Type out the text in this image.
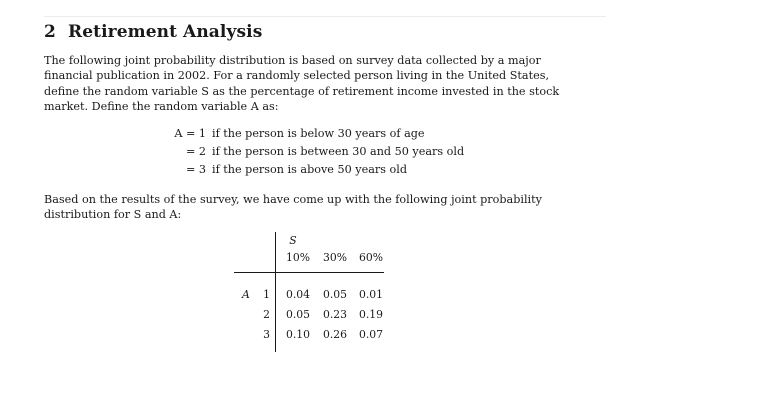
2 Retirement Analysis

The following joint probability distribution is based on survey data collected by a major financial publication in 2002. For a randomly selected person living in the United States, define the random variable S as the percentage of retirement income invested in the stock market. Define the random variable A as:

A = 1 if the person is below 30 years of age
= 2 if the person is between 30 and 50 years old
= 3 if the person is above 50 years old

Based on the results of the survey, we have come up with the following joint probability distribution for S and A:

S
10%	30%	60%
A	1	0.04	0.05	0.01
2	0.05	0.23	0.19
3	0.10	0.26	0.07
